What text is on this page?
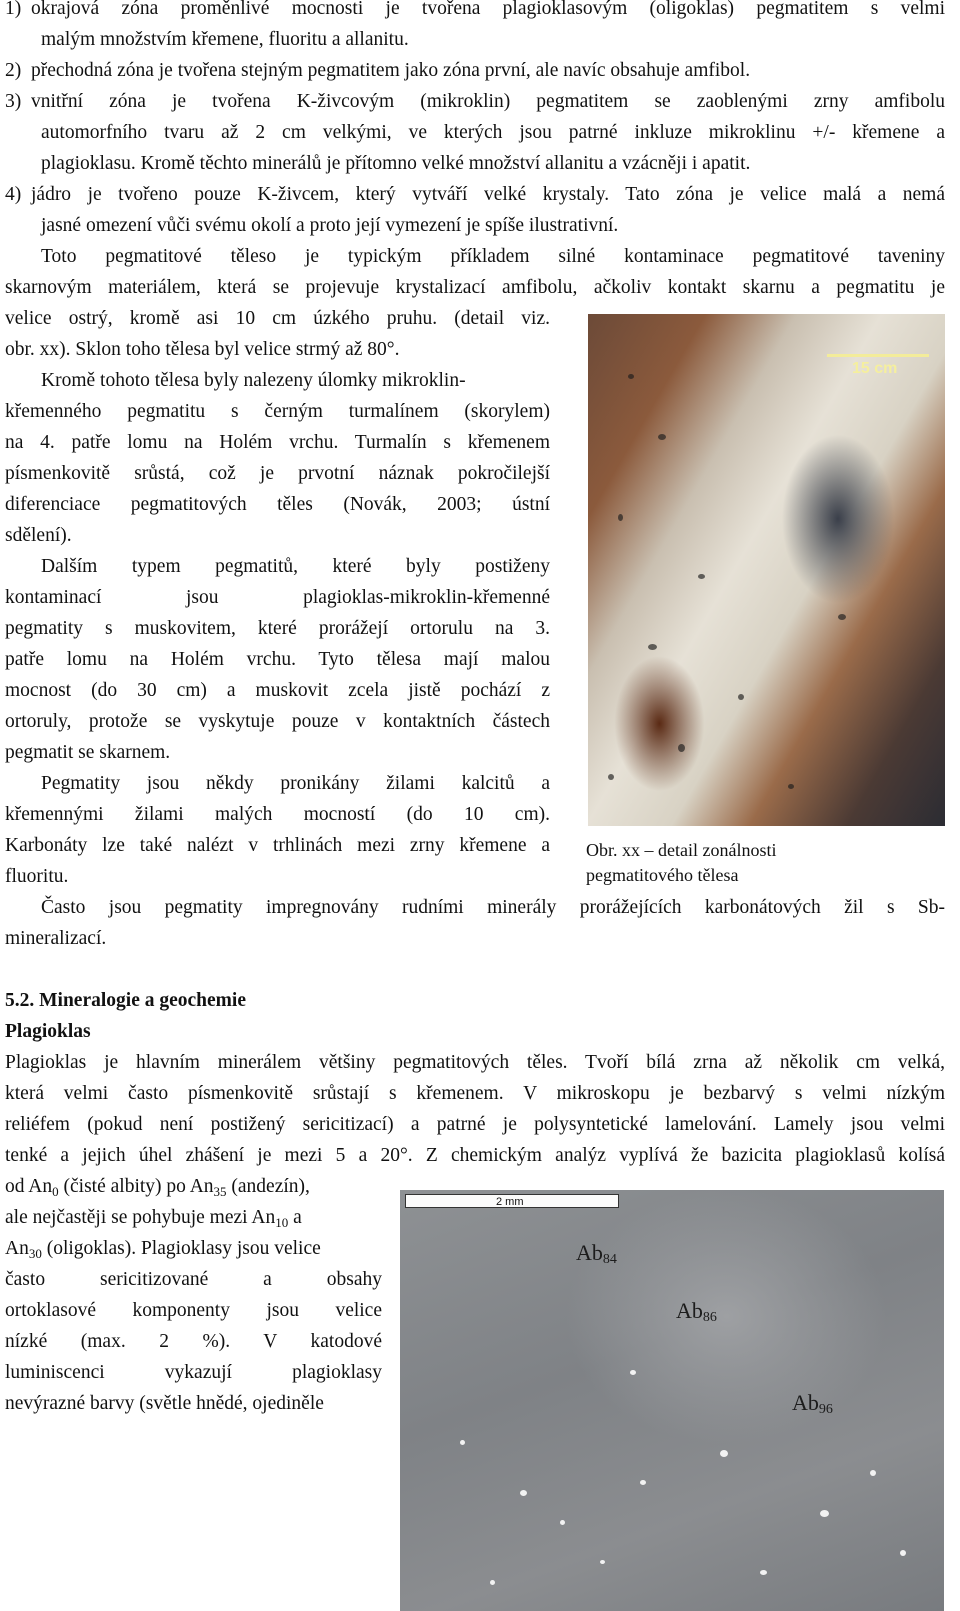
1) okrajová zóna proměnlivé mocnosti je tvořena plagioklasovým (oligoklas) pegmatitem s velmi
malým množstvím křemene, fluoritu a allanitu.
2) přechodná zóna je tvořena stejným pegmatitem jako zóna první, ale navíc obsahuje amfibol.
3) vnitřní zóna je tvořena K-živcovým (mikroklin) pegmatitem se zaoblenými zrny amfibolu
automorfního tvaru až 2 cm velkými, ve kterých jsou patrné inkluze mikroklinu +/- křemene a
plagioklasu. Kromě těchto minerálů je přítomno velké množství allanitu a vzácněji i apatit.
4) jádro je tvořeno pouze K-živcem, který vytváří velké krystaly. Tato zóna je velice malá a nemá
jasné omezení vůči svému okolí a proto její vymezení je spíše ilustrativní.
Toto pegmatitové těleso je typickým příkladem silné kontaminace pegmatitové taveniny
skarnovým materiálem, která se projevuje krystalizací amfibolu, ačkoliv kontakt skarnu a pegmatitu je
velice ostrý, kromě asi 10 cm úzkého pruhu. (detail viz.
obr. xx). Sklon toho tělesa byl velice strmý až 80°.
Kromě tohoto tělesa byly nalezeny úlomky mikroklin-
křemenného pegmatitu s černým turmalínem (skorylem)
na 4. patře lomu na Holém vrchu. Turmalín s křemenem
písmenkovitě srůstá, což je prvotní náznak pokročilejší
diferenciace pegmatitových těles (Novák, 2003; ústní
sdělení).
Dalším typem pegmatitů, které byly postiženy
kontaminací jsou plagioklas-mikroklin-křemenné
pegmatity s muskovitem, které prorážejí ortorulu na 3.
patře lomu na Holém vrchu. Tyto tělesa mají malou
mocnost (do 30 cm) a muskovit zcela jistě pochází z
ortoruly, protože se vyskytuje pouze v kontaktních částech
pegmatit se skarnem.
Pegmatity jsou někdy pronikány žilami kalcitů a
křemennými žilami malých mocností (do 10 cm).
Karbonáty lze také nalézt v trhlinách mezi zrny křemene a
fluoritu.
15 cm
Obr. xx – detail zonálnosti
pegmatitového tělesa
Často jsou pegmatity impregnovány rudními minerály prorážejících karbonátových žil s Sb-
mineralizací.
5.2. Mineralogie a geochemie
Plagioklas
Plagioklas je hlavním minerálem většiny pegmatitových těles. Tvoří bílá zrna až několik cm velká,
která velmi často písmenkovitě srůstají s křemenem. V mikroskopu je bezbarvý s velmi nízkým
reliéfem (pokud není postižený sericitizací) a patrné je polysyntetické lamelování. Lamely jsou velmi
tenké a jejich úhel zhášení je mezi 5 a 20°. Z chemickým analýz vyplívá že bazicita plagioklasů kolísá
od $An_0$ (čisté albity) po $An_{35}$ (andezín),
ale nejčastěji se pohybuje mezi $An_{10}$ a
$An_{30}$ (oligoklas). Plagioklasy jsou velice
často sericitizované a obsahy
ortoklasové komponenty jsou velice
nízké (max. 2 %). V katodové
luminiscenci vykazují plagioklasy
nevýrazné barvy (světle hnědé, ojediněle
2 mm
$Ab_{84}$
$Ab_{86}$
$Ab_{96}$
